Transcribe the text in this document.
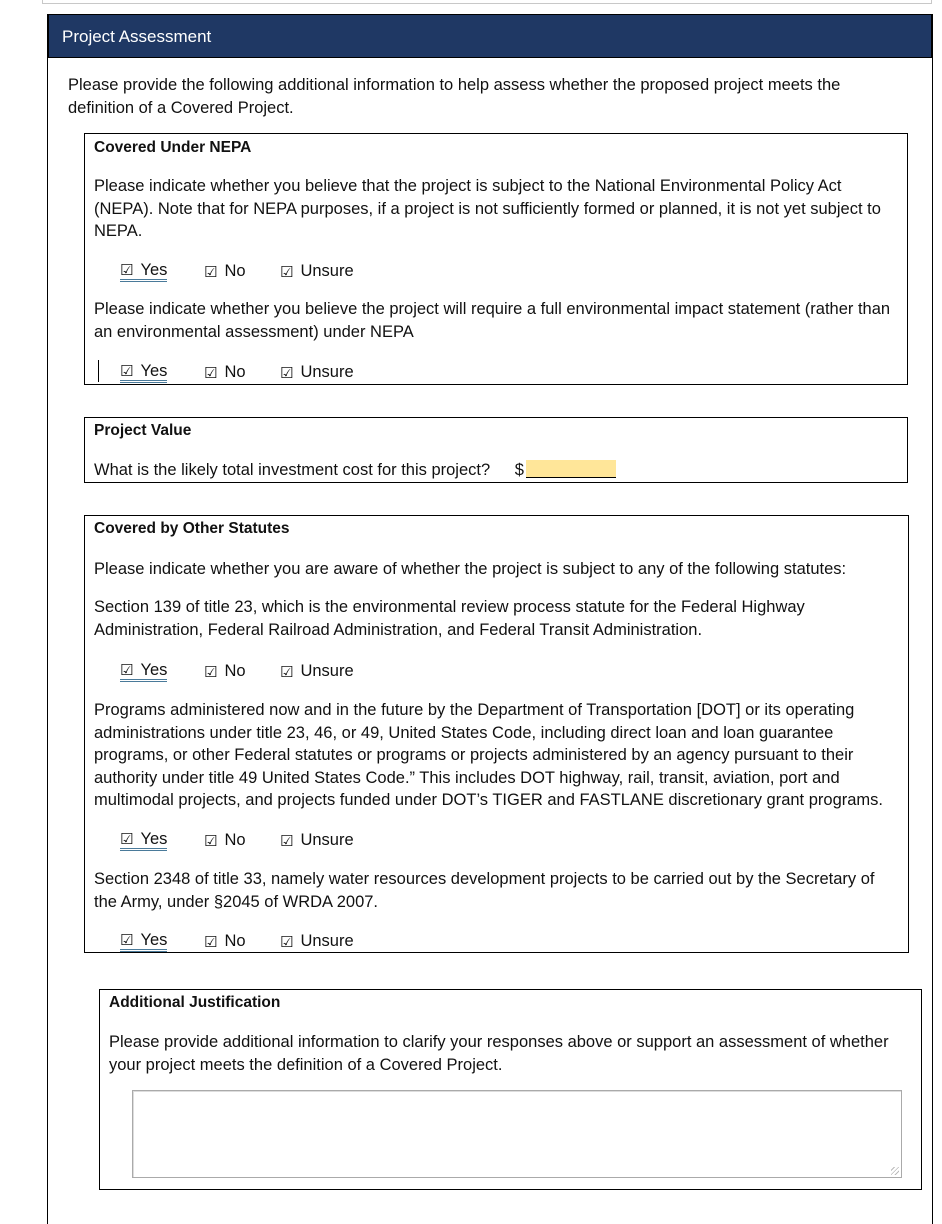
Project Assessment
Please provide the following additional information to help assess whether the proposed project meets the definition of a Covered Project.
Covered Under NEPA
Please indicate whether you believe that the project is subject to the National Environmental Policy Act (NEPA). Note that for NEPA purposes, if a project is not sufficiently formed or planned, it is not yet subject to NEPA.
☑ Yes ☑ No ☑ Unsure
Please indicate whether you believe the project will require a full environmental impact statement (rather than an environmental assessment) under NEPA
☑ Yes ☑ No ☑ Unsure
Project Value
What is the likely total investment cost for this project? $
Covered by Other Statutes
Please indicate whether you are aware of whether the project is subject to any of the following statutes:
Section 139 of title 23, which is the environmental review process statute for the Federal Highway Administration, Federal Railroad Administration, and Federal Transit Administration.
☑ Yes ☑ No ☑ Unsure
Programs administered now and in the future by the Department of Transportation [DOT] or its operating administrations under title 23, 46, or 49, United States Code, including direct loan and loan guarantee programs, or other Federal statutes or programs or projects administered by an agency pursuant to their authority under title 49 United States Code.” This includes DOT highway, rail, transit, aviation, port and multimodal projects, and projects funded under DOT’s TIGER and FASTLANE discretionary grant programs.
☑ Yes ☑ No ☑ Unsure
Section 2348 of title 33, namely water resources development projects to be carried out by the Secretary of the Army, under §2045 of WRDA 2007.
☑ Yes ☑ No ☑ Unsure
Additional Justification
Please provide additional information to clarify your responses above or support an assessment of whether your project meets the definition of a Covered Project.
